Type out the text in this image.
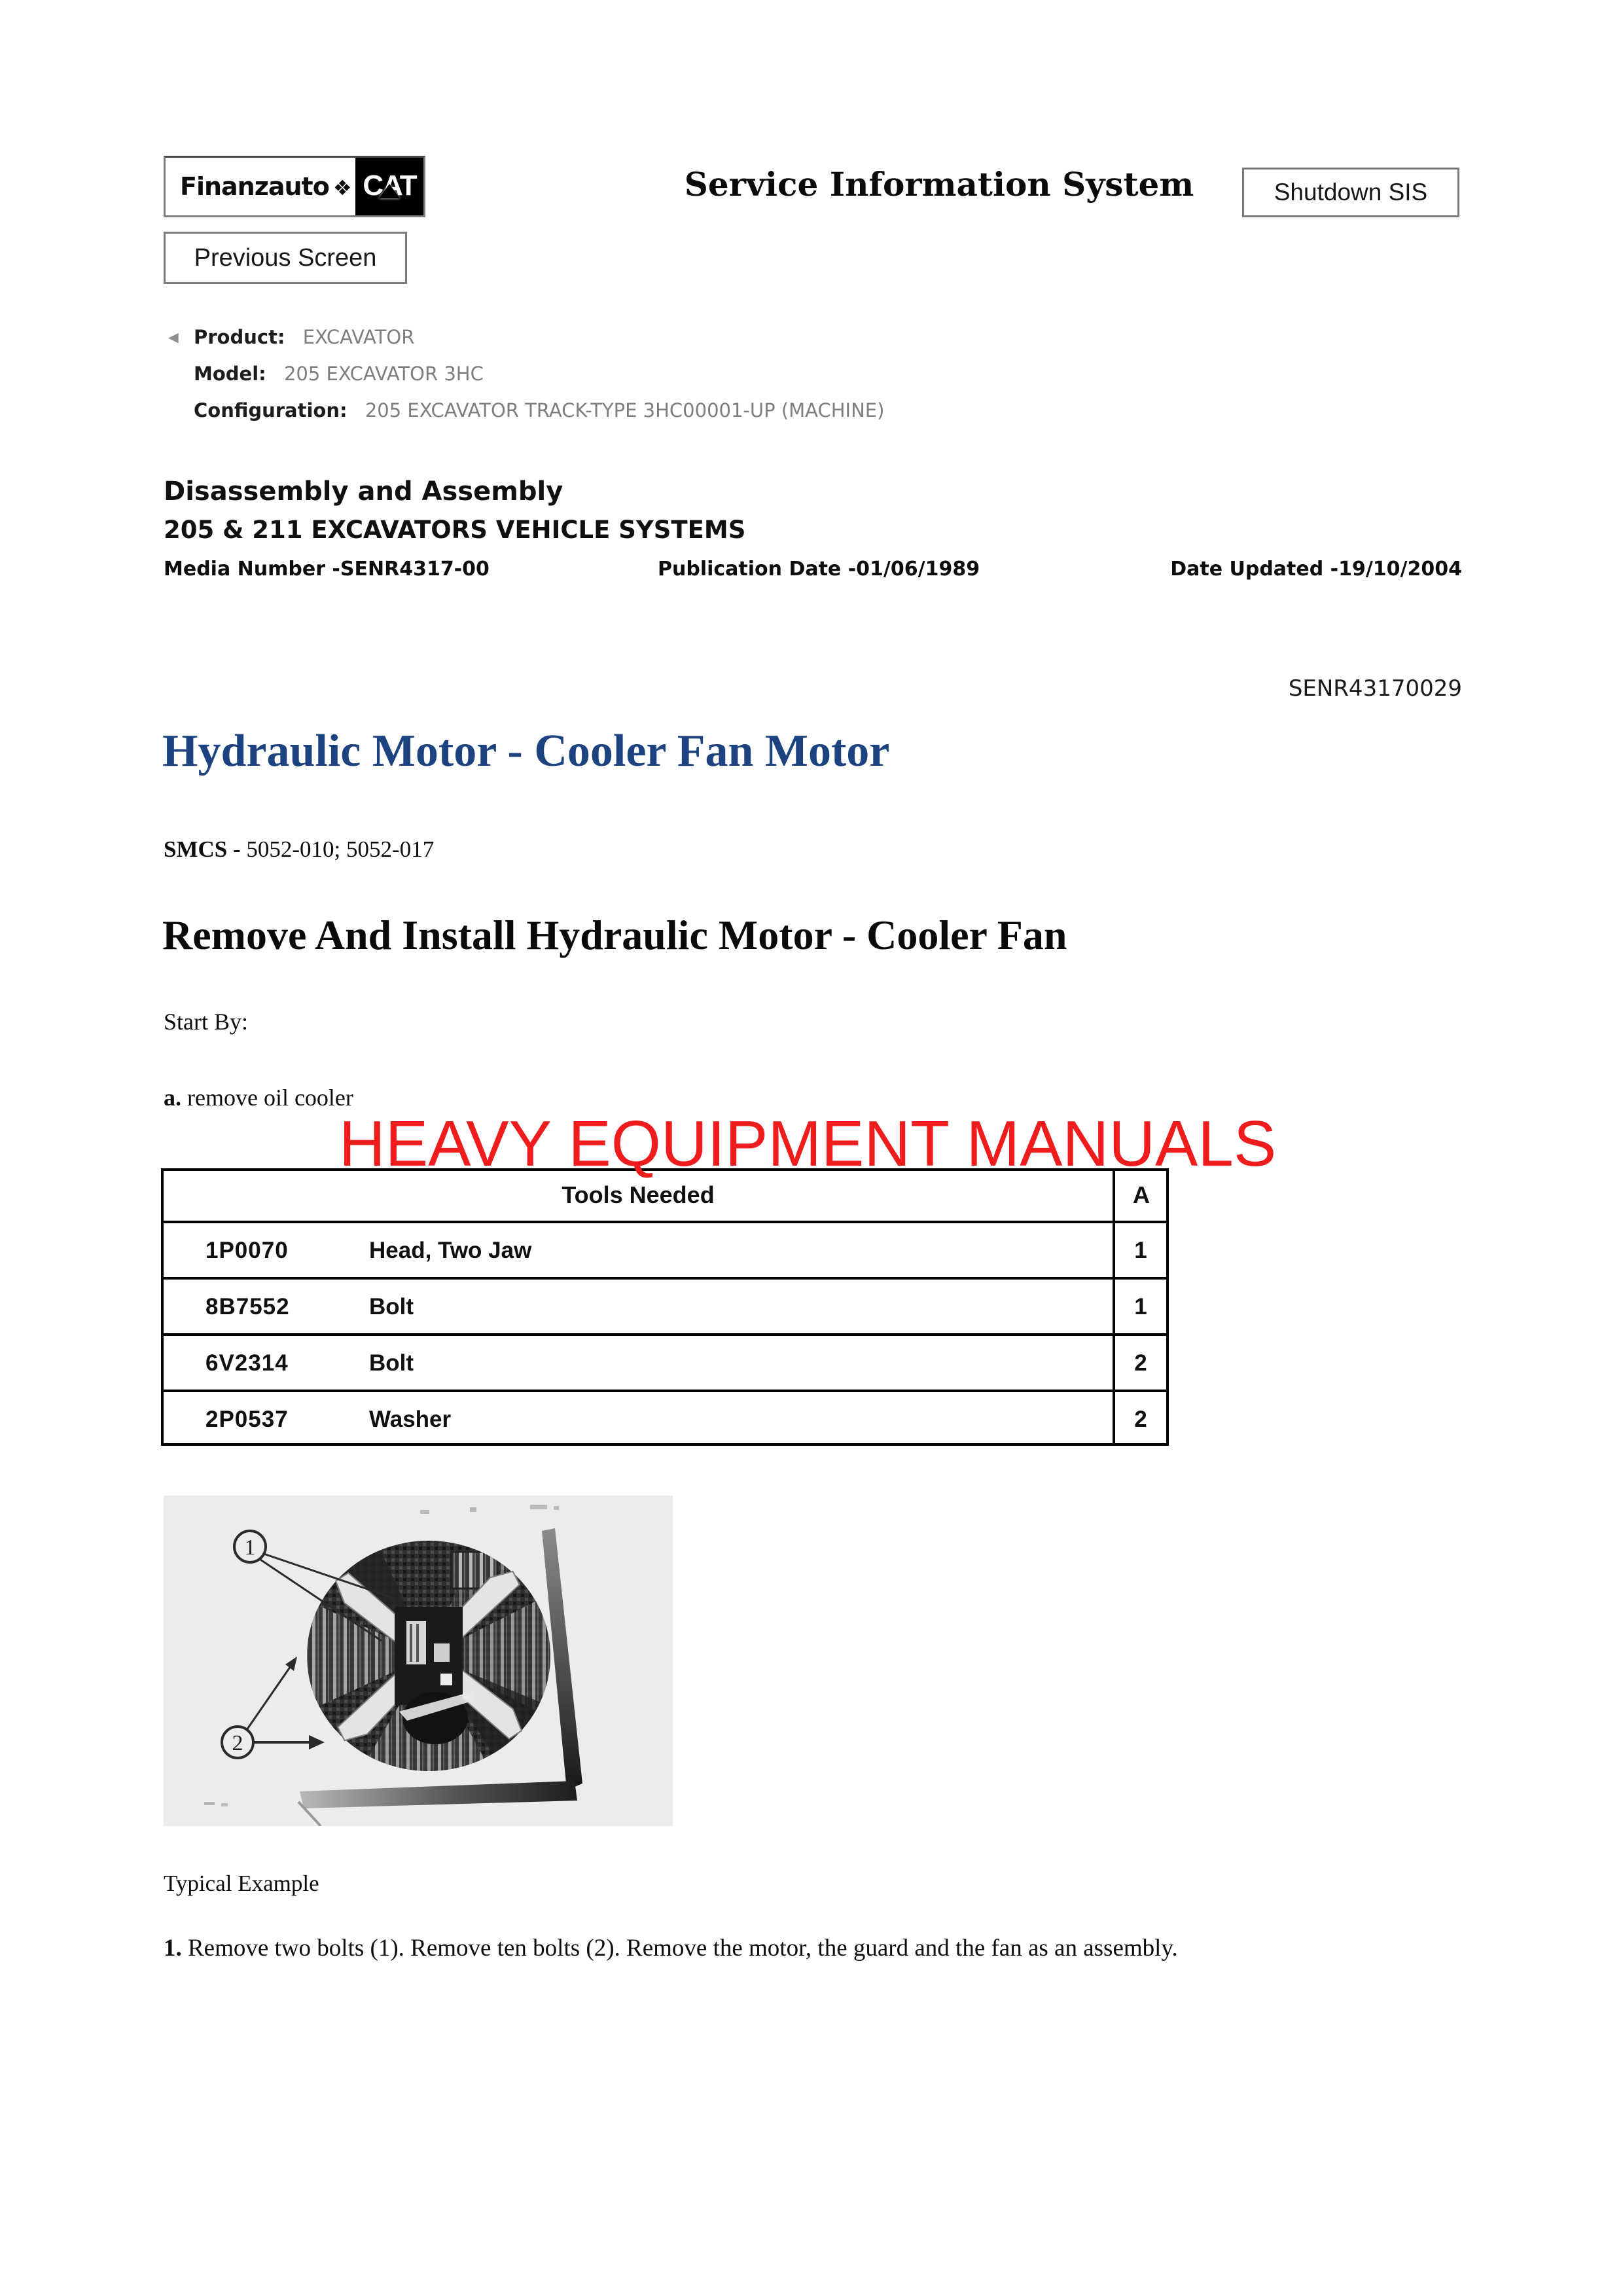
Finanzauto ❖ CAT	Service Information System	Shutdown SIS
Previous Screen
◄ Product: EXCAVATOR
Model: 205 EXCAVATOR 3HC
Configuration: 205 EXCAVATOR TRACK-TYPE 3HC00001-UP (MACHINE)
Disassembly and Assembly
205 & 211 EXCAVATORS VEHICLE SYSTEMS
Media Number -SENR4317-00	Publication Date -01/06/1989	Date Updated -19/10/2004
SENR43170029
Hydraulic Motor - Cooler Fan Motor
SMCS - 5052-010; 5052-017
Remove And Install Hydraulic Motor - Cooler Fan
Start By:
a. remove oil cooler
HEAVY EQUIPMENT MANUALS
Tools Needed	A
1P0070	Head, Two Jaw	1
8B7552	Bolt	1
6V2314	Bolt	2
2P0537	Washer	2
1
2
Typical Example
1. Remove two bolts (1). Remove ten bolts (2). Remove the motor, the guard and the fan as an assembly.
